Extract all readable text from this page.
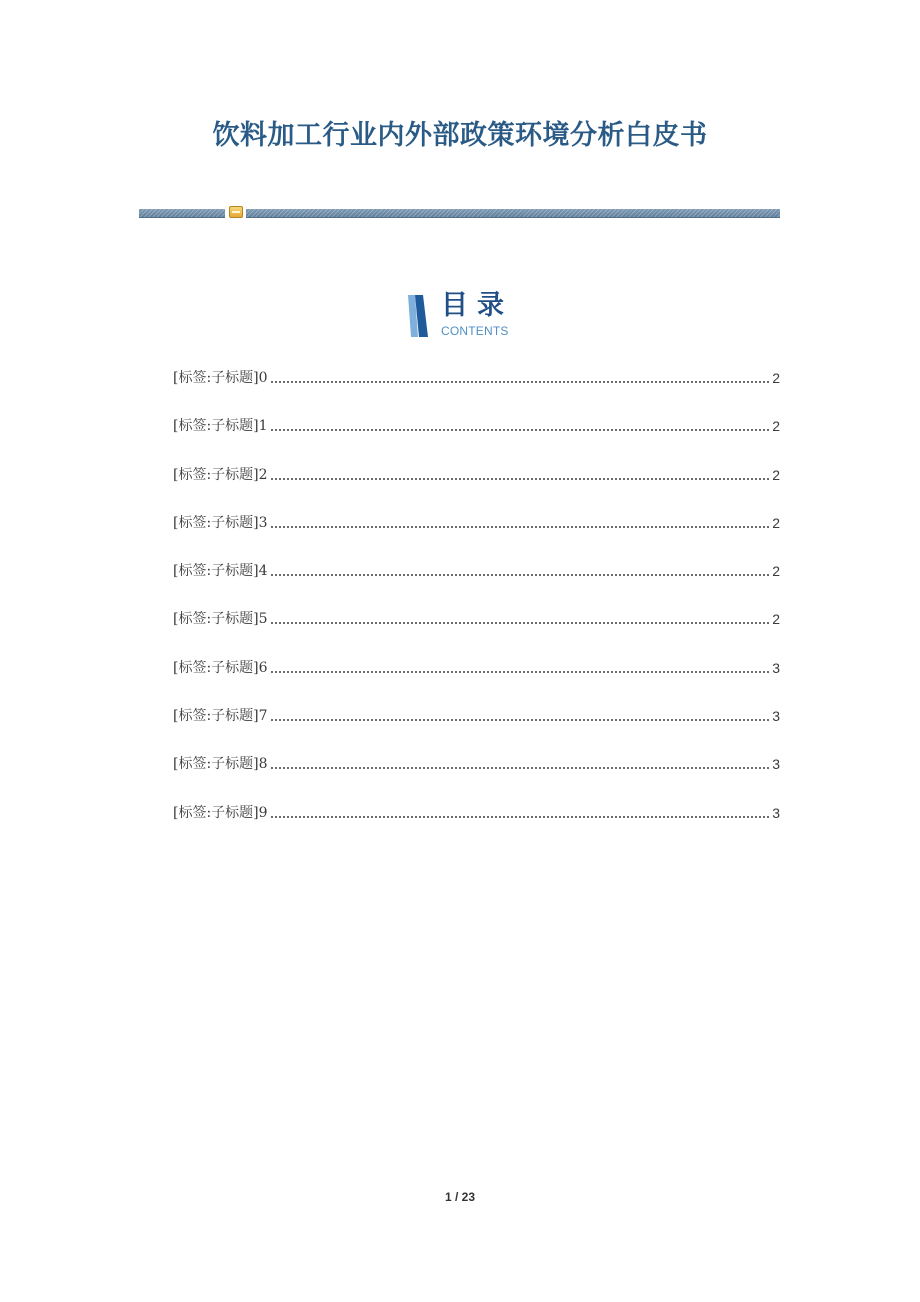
饮料加工行业内外部政策环境分析白皮书
目录
CONTENTS
[标签:子标题]0	2
[标签:子标题]1	2
[标签:子标题]2	2
[标签:子标题]3	2
[标签:子标题]4	2
[标签:子标题]5	2
[标签:子标题]6	3
[标签:子标题]7	3
[标签:子标题]8	3
[标签:子标题]9	3
1 / 23
